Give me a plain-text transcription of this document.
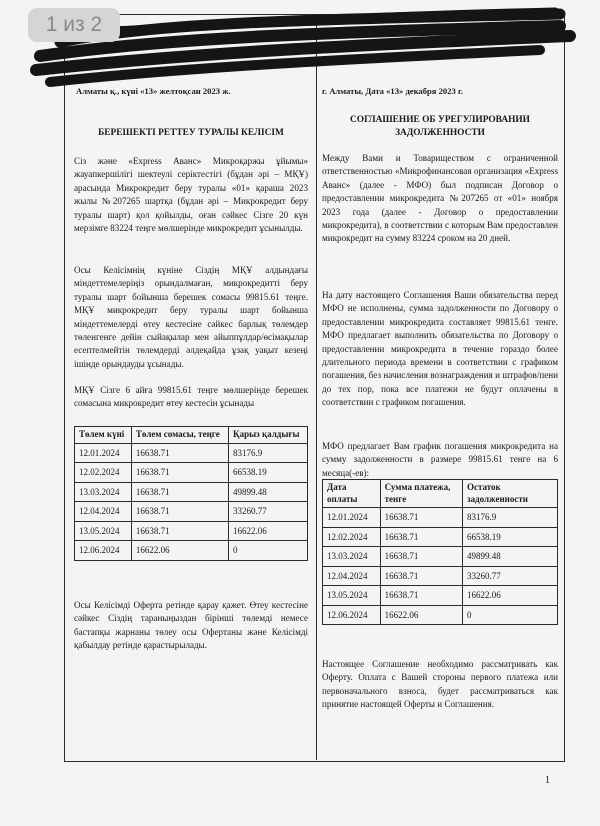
Алматы қ., күні «13» желтоқсан 2023 ж.
БЕРЕШЕКТІ РЕТТЕУ ТУРАЛЫ КЕЛІСІМ

Сіз және «Express Аванс» Микроқаржы ұйымы» жауапкершілігі шектеулі серіктестігі (бұдан әрі – МҚҰ) арасында Микрокредит беру туралы «01» қараша 2023 жылы №207265 шартқа (бұдан әрі – Микрокредит беру туралы шарт) қол қойылды, оған сәйкес Сізге 20 күн мерзімге 83224 теңге мөлшерінде микрокредит ұсынылды.

Осы Келісімнің күніне Сіздің МҚҰ алдындағы міндеттемелеріңіз орындалмаған, микрокредитті беру туралы шарт бойынша берешек сомасы 99815.61 теңге. МҚҰ микрокредит беру туралы шарт бойынша міндеттемелерді өтеу кестесіне сәйкес барлық төлемдер төленгенге дейін сыйақылар мен айыппұлдар/өсімақылар есептелмейтін төлемдерді әлдеқайда ұзақ уақыт кезеңі ішінде орындауды ұсынады.

МҚҰ Сізге 6 айға 99815.61 теңге мөлшерінде берешек сомасына микрокредит өтеу кестесін ұсынады

Төлем күні	Төлем сомасы, теңге	Қарыз қалдығы
12.01.2024	16638.71	83176.9
12.02.2024	16638.71	66538.19
13.03.2024	16638.71	49899.48
12.04.2024	16638.71	33260.77
13.05.2024	16638.71	16622.06
12.06.2024	16622.06	0

Осы Келісімді Оферта ретінде қарау қажет. Өтеу кестесіне сәйкес Сіздің тараныңыздан бірінші төлемді немесе бастапқы жарнаны төлеу осы Офертаны және Келісімді қабылдау ретінде қарастырылады.

ФИО
г. Алматы, Дата «13» декабря 2023 г.
СОГЛАШЕНИЕ ОБ УРЕГУЛИРОВАНИИ ЗАДОЛЖЕННОСТИ

Между Вами и Товариществом с ограниченной ответственностью «Микрофинансовая организация «Express Аванс» (далее - МФО) был подписан Договор о предоставлении микрокредита №207265 от «01» ноября 2023 года (далее - Договор о предоставлении микрокредита), в соответствии с которым Вам предоставлен микрокредит на сумму 83224 сроком на 20 дней.

На дату настоящего Соглашения Ваши обязательства перед МФО не исполнены, сумма задолженности по Договору о предоставлении микрокредита составляет 99815.61 тенге. МФО предлагает выполнить обязательства по Договору о предоставлении микрокредита в течение гораздо более длительного периода времени в соответствии с графиком погашения, без начисления вознаграждения и штрафов/пени до тех пор, пока все платежи не будут оплачены в соответствии с графиком погашения.

МФО предлагает Вам график погашения микрокредита на сумму задолженности в размере 99815.61 тенге на 6 месяца(-ев):

Дата оплаты	Сумма платежа, тенге	Остаток задолженности
12.01.2024	16638.71	83176.9
12.02.2024	16638.71	66538.19
13.03.2024	16638.71	49899.48
12.04.2024	16638.71	33260.77
13.05.2024	16638.71	16622.06
12.06.2024	16622.06	0

Настоящее Соглашение необходимо рассматривать как Оферту. Оплата с Вашей стороны первого платежа или первоначального взноса, будет рассматриваться как принятие настоящей Оферты и Соглашения.

1
1 из 2
